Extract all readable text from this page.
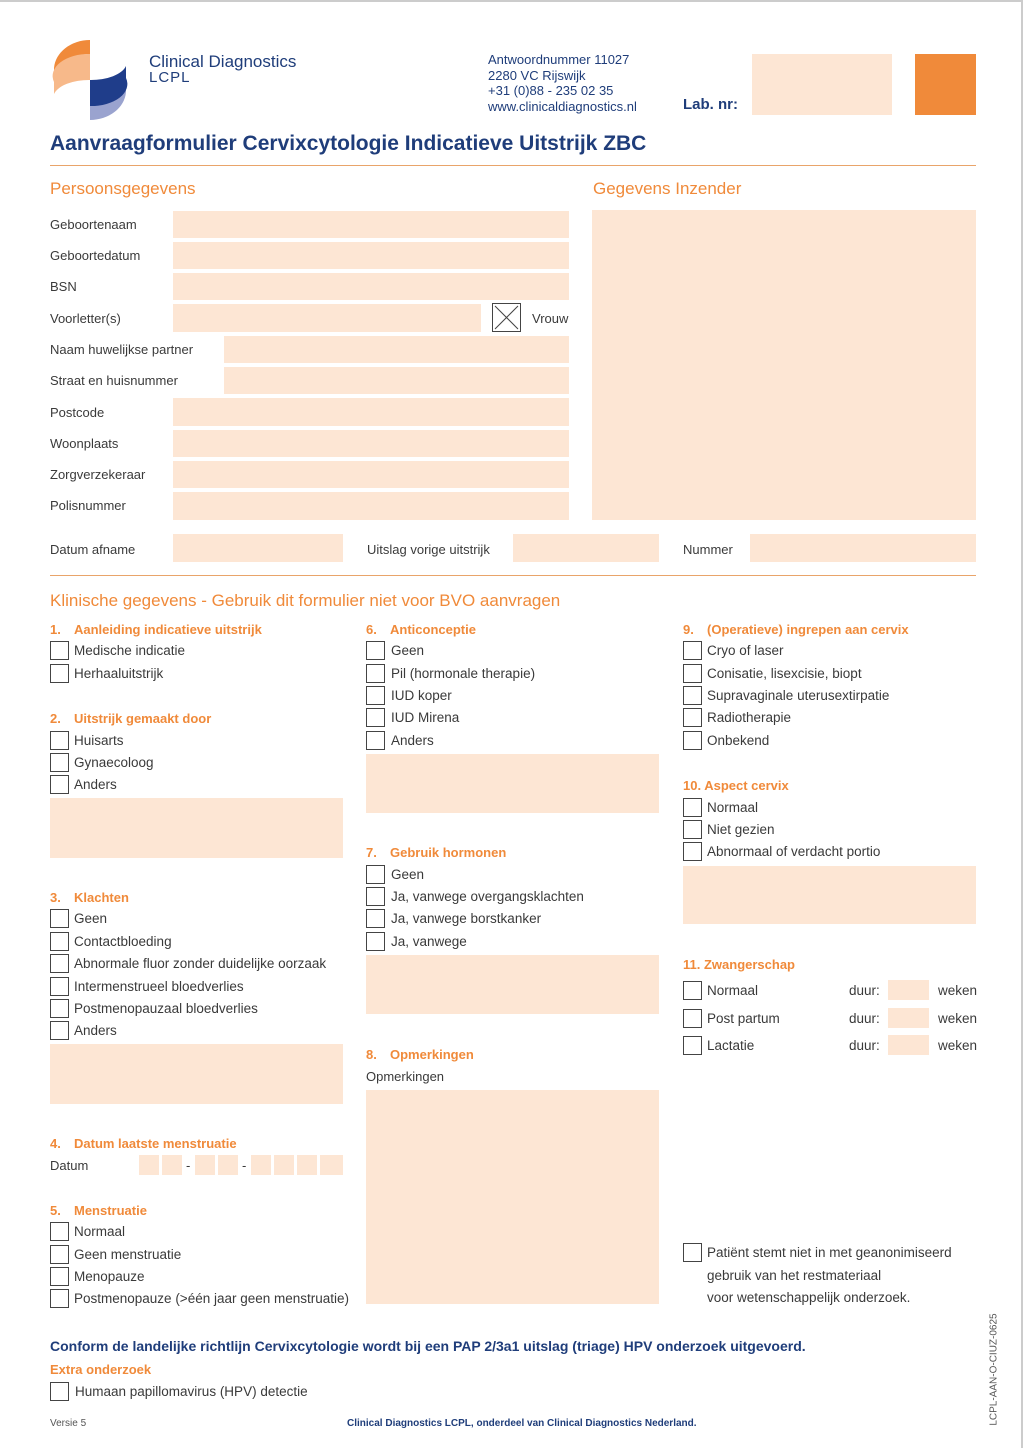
Clinical Diagnostics
LCPL
Antwoordnummer 11027
2280 VC Rijswijk
+31 (0)88 - 235 02 35
www.clinicaldiagnostics.nl	Lab. nr:
Aanvraagformulier Cervixcytologie Indicatieve Uitstrijk ZBC
Persoonsgegevens	Gegevens Inzender
Geboortenaam
Geboortedatum
BSN
Voorletter(s)	Vrouw
Naam huwelijkse partner
Straat en huisnummer
Postcode
Woonplaats
Zorgverzekeraar
Polisnummer
Datum afname	Uitslag vorige uitstrijk	Nummer
Klinische gegevens - Gebruik dit formulier niet voor BVO aanvragen
1. Aanleiding indicatieve uitstrijk
Medische indicatie
Herhaaluitstrijk
2. Uitstrijk gemaakt door
Huisarts
Gynaecoloog
Anders
3. Klachten
Geen
Contactbloeding
Abnormale fluor zonder duidelijke oorzaak
Intermenstrueel bloedverlies
Postmenopauzaal bloedverlies
Anders
4. Datum laatste menstruatie
Datum	-	-
5. Menstruatie
Normaal
Geen menstruatie
Menopauze
Postmenopauze (>één jaar geen menstruatie)
6. Anticonceptie
Geen
Pil (hormonale therapie)
IUD koper
IUD Mirena
Anders
7. Gebruik hormonen
Geen
Ja, vanwege overgangsklachten
Ja, vanwege borstkanker
Ja, vanwege
8. Opmerkingen
Opmerkingen
9. (Operatieve) ingrepen aan cervix
Cryo of laser
Conisatie, lisexcisie, biopt
Supravaginale uterusextirpatie
Radiotherapie
Onbekend
10. Aspect cervix
Normaal
Niet gezien
Abnormaal of verdacht portio
11. Zwangerschap
Normaal	duur:	weken
Post partum	duur:	weken
Lactatie	duur:	weken
Patiënt stemt niet in met geanonimiseerd
gebruik van het restmateriaal
voor wetenschappelijk onderzoek.
Conform de landelijke richtlijn Cervixcytologie wordt bij een PAP 2/3a1 uitslag (triage) HPV onderzoek uitgevoerd.
Extra onderzoek
Humaan papillomavirus (HPV) detectie
Versie 5	Clinical Diagnostics LCPL, onderdeel van Clinical Diagnostics Nederland.	LCPL-AAN-O-CIUZ-0625
